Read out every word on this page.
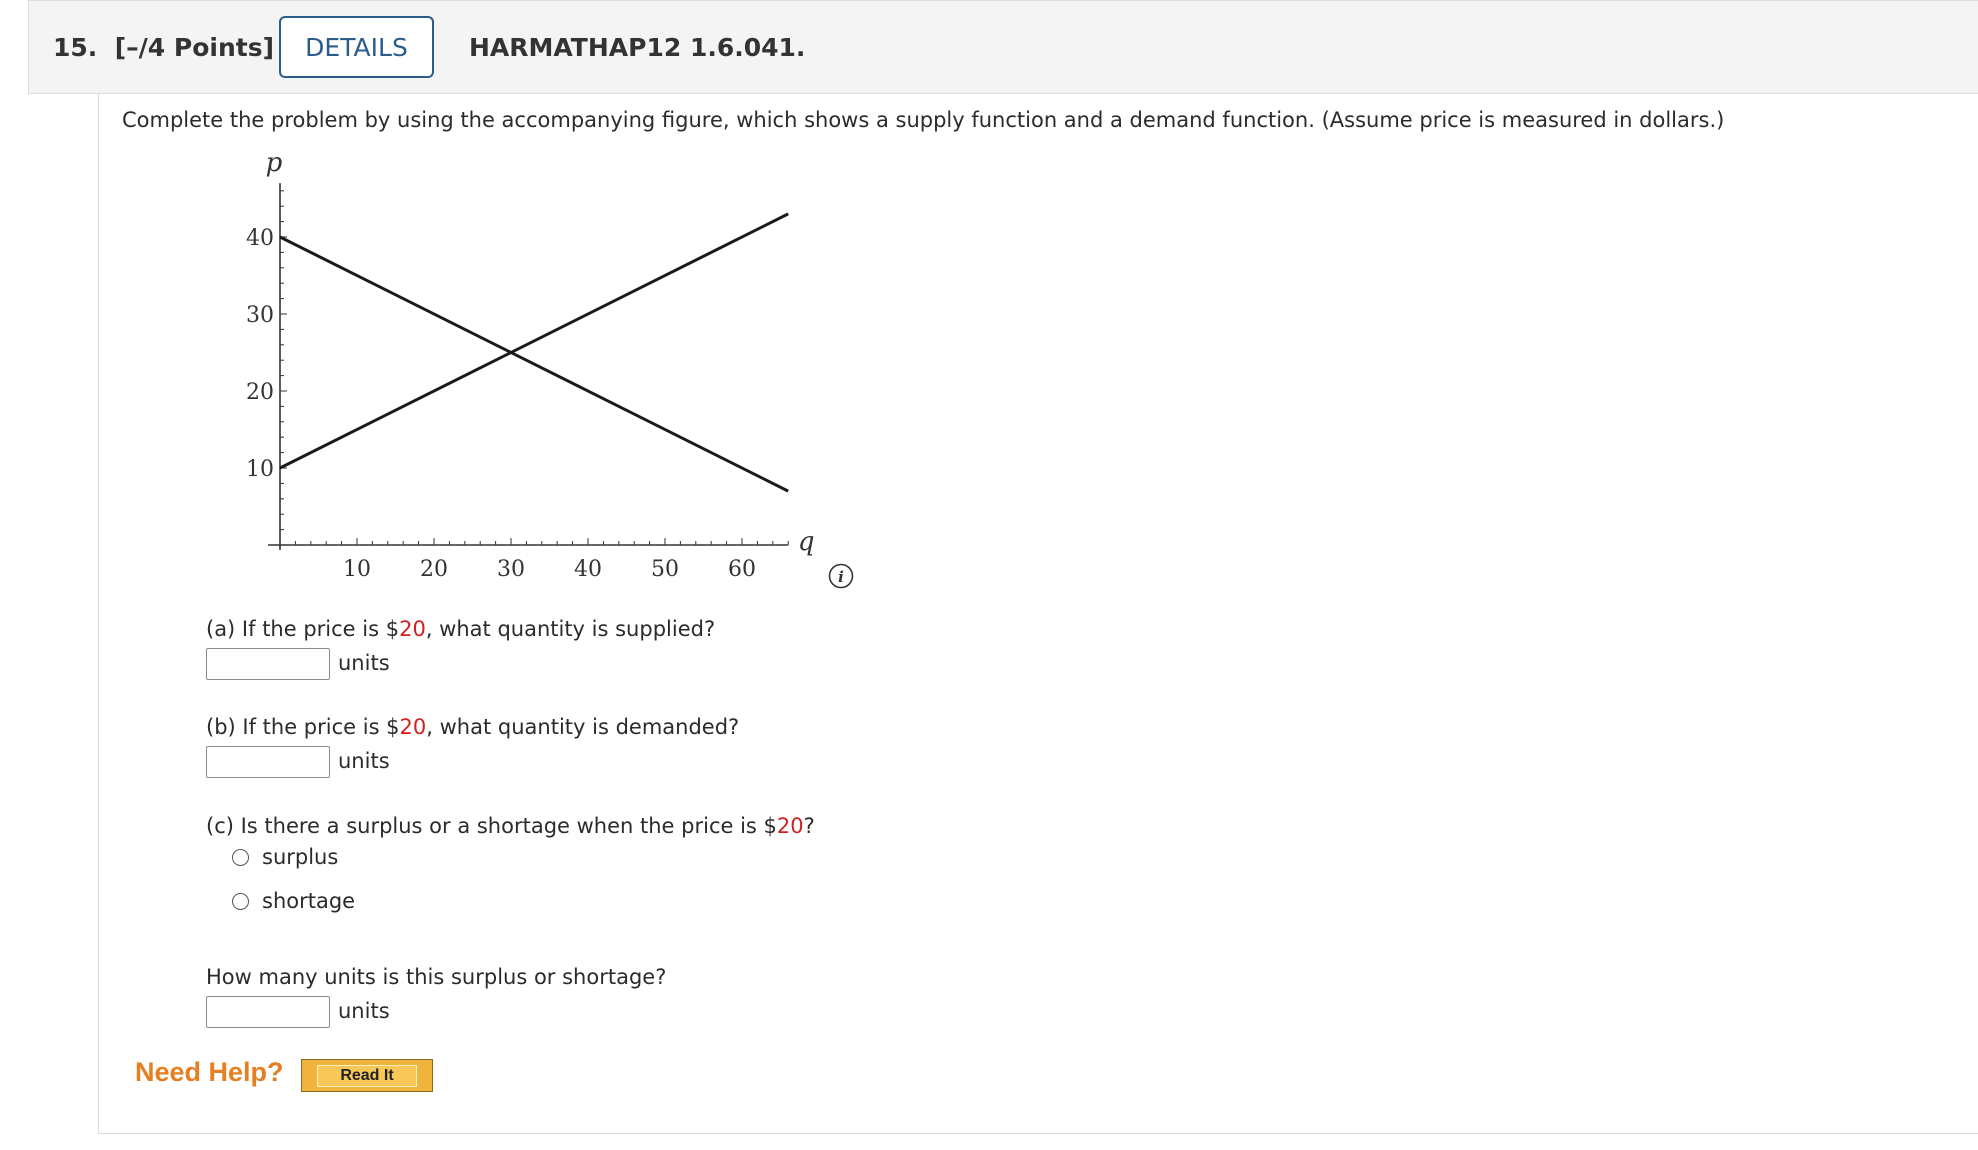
15. [–/4 Points]	DETAILS	HARMATHAP12 1.6.041.
Complete the problem by using the accompanying figure, which shows a supply function and a demand function. (Assume price is measured in dollars.)
10 20 30 40 50 60
10
20
30
40
p
q
i
(a) If the price is $20, what quantity is supplied?
units
(b) If the price is $20, what quantity is demanded?
units
(c) Is there a surplus or a shortage when the price is $20?
surplus
shortage
How many units is this surplus or shortage?
units
Need Help?	Read It
